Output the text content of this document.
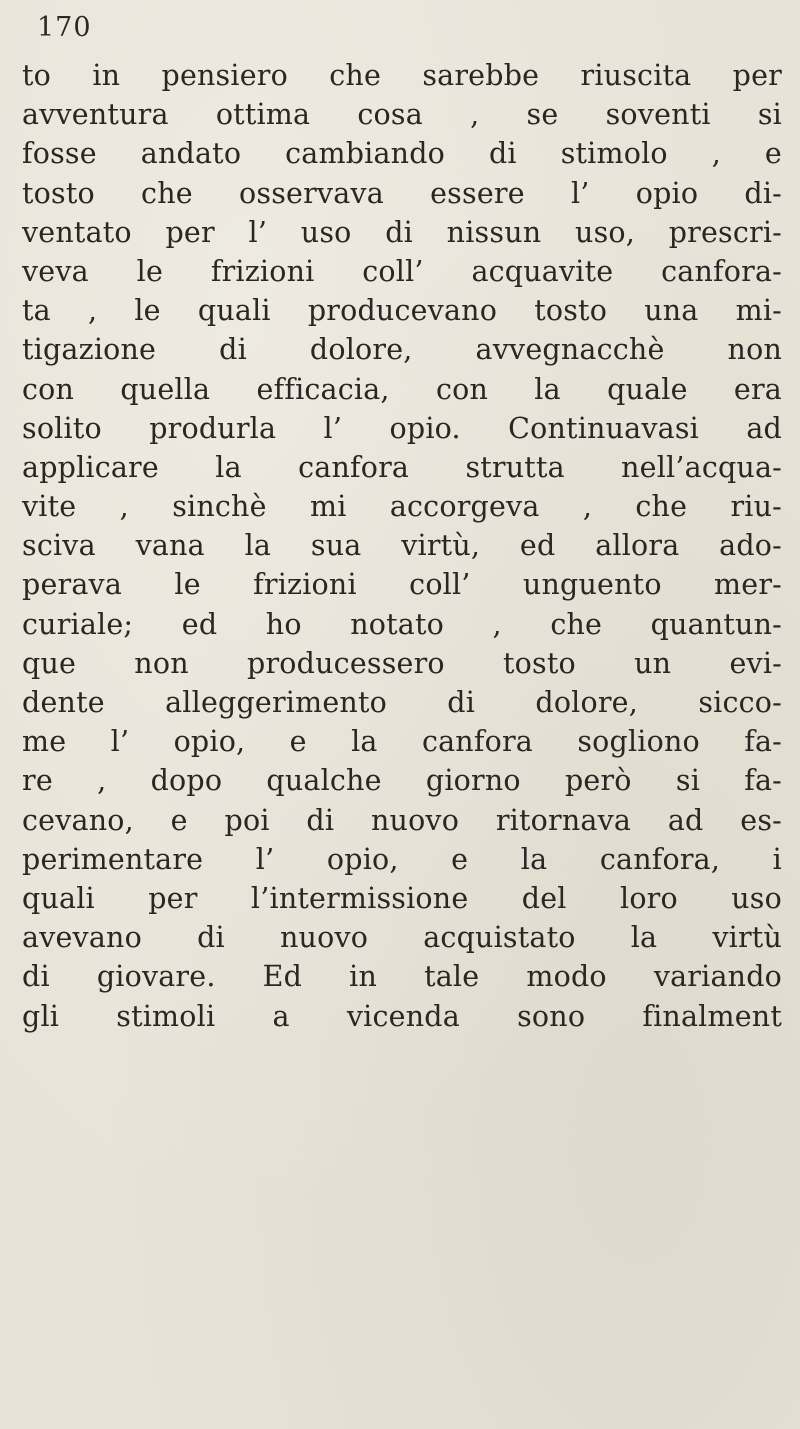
170
to in pensiero che sarebbe riuscita per
avventura ottima cosa , se soventi si
fosse andato cambiando di stimolo , e
tosto che osservava essere l’ opio di-
ventato per l’ uso di nissun uso, prescri-
veva le frizioni coll’ acquavite canfora-
ta , le quali producevano tosto una mi-
tigazione di dolore, avvegnacchè non
con quella efficacia, con la quale era
solito produrla l’ opio. Continuavasi ad
applicare la canfora strutta nell’acqua-
vite , sinchè mi accorgeva , che riu-
sciva vana la sua virtù, ed allora ado-
perava le frizioni coll’ unguento mer-
curiale; ed ho notato , che quantun-
que non producessero tosto un evi-
dente alleggerimento di dolore, sicco-
me l’ opio, e la canfora sogliono fa-
re , dopo qualche giorno però si fa-
cevano, e poi di nuovo ritornava ad es-
perimentare l’ opio, e la canfora, i
quali per l’intermissione del loro uso
avevano di nuovo acquistato la virtù
di giovare. Ed in tale modo variando
gli stimoli a vicenda sono finalment
